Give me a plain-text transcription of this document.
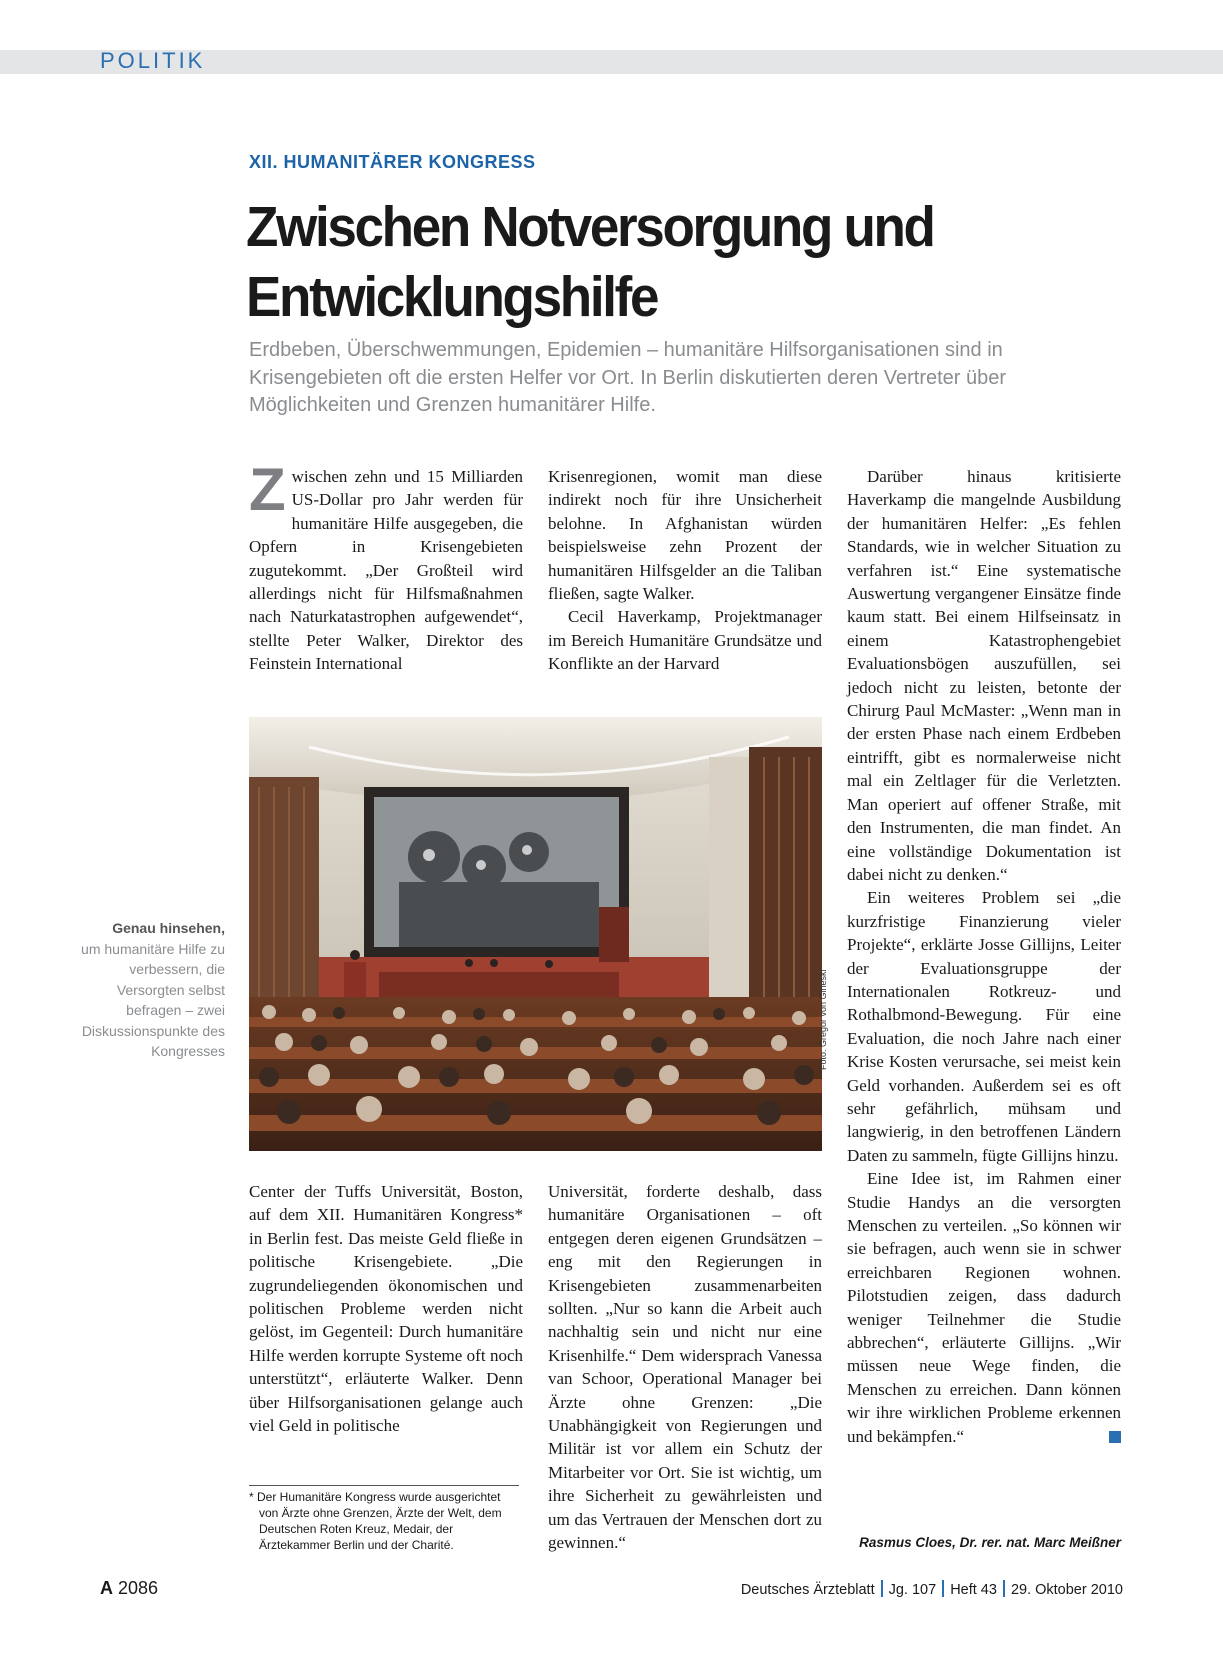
POLITIK
XII. HUMANITÄRER KONGRESS
Zwischen Notversorgung und Entwicklungshilfe
Erdbeben, Überschwemmungen, Epidemien – humanitäre Hilfsorganisationen sind in Krisengebieten oft die ersten Helfer vor Ort. In Berlin diskutierten deren Vertreter über Möglichkeiten und Grenzen humanitärer Hilfe.

Zwischen zehn und 15 Milliarden US-Dollar pro Jahr werden für humanitäre Hilfe ausgegeben, die Opfern in Krisengebieten zugutekommt. „Der Großteil wird allerdings nicht für Hilfsmaßnahmen nach Naturkatastrophen aufgewendet“, stellte Peter Walker, Direktor des Feinstein International

Krisenregionen, womit man diese indirekt noch für ihre Unsicherheit belohne. In Afghanistan würden beispielsweise zehn Prozent der humanitären Hilfsgelder an die Taliban fließen, sagte Walker.

Cecil Haverkamp, Projektmanager im Bereich Humanitäre Grundsätze und Konflikte an der Harvard

Foto: Gregor von Gineski
Genau hinsehen,
um humanitäre Hilfe zu verbessern, die Versorgten selbst befragen – zwei Diskussionspunkte des Kongresses

Center der Tuffs Universität, Boston, auf dem XII. Humanitären Kongress* in Berlin fest. Das meiste Geld fließe in politische Krisengebiete. „Die zugrundeliegenden ökonomischen und politischen Probleme werden nicht gelöst, im Gegenteil: Durch humanitäre Hilfe werden korrupte Systeme oft noch unterstützt“, erläuterte Walker. Denn über Hilfsorganisationen gelange auch viel Geld in politische

* Der Humanitäre Kongress wurde ausgerichtet von Ärzte ohne Grenzen, Ärzte der Welt, dem Deutschen Roten Kreuz, Medair, der Ärztekammer Berlin und der Charité.

Universität, forderte deshalb, dass humanitäre Organisationen – oft entgegen deren eigenen Grundsätzen – eng mit den Regierungen in Krisengebieten zusammenarbeiten sollten. „Nur so kann die Arbeit auch nachhaltig sein und nicht nur eine Krisenhilfe.“ Dem widersprach Vanessa van Schoor, Operational Manager bei Ärzte ohne Grenzen: „Die Unabhängigkeit von Regierungen und Militär ist vor allem ein Schutz der Mitarbeiter vor Ort. Sie ist wichtig, um ihre Sicherheit zu gewährleisten und um das Vertrauen der Menschen dort zu gewinnen.“

Darüber hinaus kritisierte Haverkamp die mangelnde Ausbildung der humanitären Helfer: „Es fehlen Standards, wie in welcher Situation zu verfahren ist.“ Eine systematische Auswertung vergangener Einsätze finde kaum statt. Bei einem Hilfseinsatz in einem Katastrophengebiet Evaluationsbögen auszufüllen, sei jedoch nicht zu leisten, betonte der Chirurg Paul McMaster: „Wenn man in der ersten Phase nach einem Erdbeben eintrifft, gibt es normalerweise nicht mal ein Zeltlager für die Verletzten. Man operiert auf offener Straße, mit den Instrumenten, die man findet. An eine vollständige Dokumentation ist dabei nicht zu denken.“

Ein weiteres Problem sei „die kurzfristige Finanzierung vieler Projekte“, erklärte Josse Gillijns, Leiter der Evaluationsgruppe der Internationalen Rotkreuz- und Rothalbmond-Bewegung. Für eine Evaluation, die noch Jahre nach einer Krise Kosten verursache, sei meist kein Geld vorhanden. Außerdem sei es oft sehr gefährlich, mühsam und langwierig, in den betroffenen Ländern Daten zu sammeln, fügte Gillijns hinzu.

Eine Idee ist, im Rahmen einer Studie Handys an die versorgten Menschen zu verteilen. „So können wir sie befragen, auch wenn sie in schwer erreichbaren Regionen wohnen. Pilotstudien zeigen, dass dadurch weniger Teilnehmer die Studie abbrechen“, erläuterte Gillijns. „Wir müssen neue Wege finden, die Menschen zu erreichen. Dann können wir ihre wirklichen Probleme erkennen und bekämpfen.“

Rasmus Cloes, Dr. rer. nat. Marc Meißner
A 2086	Deutsches Ärzteblatt Jg. 107 Heft 43 29. Oktober 2010
